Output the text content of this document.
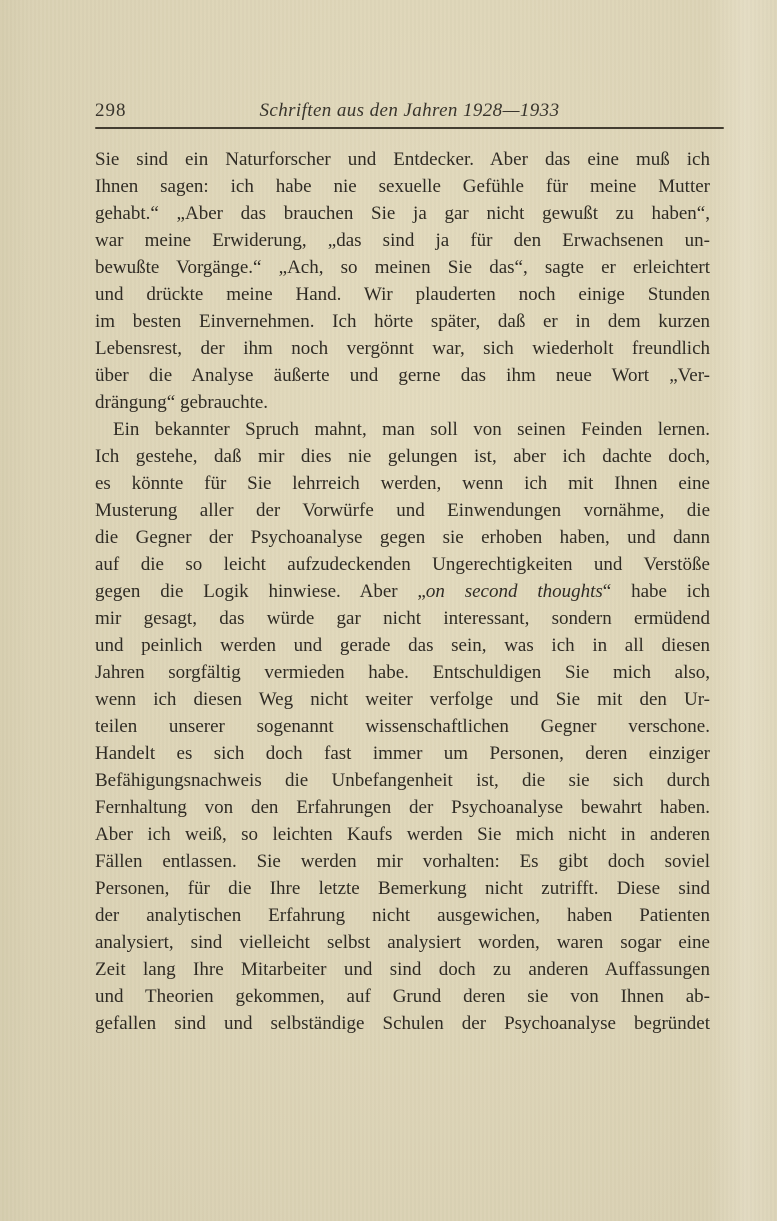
298	Schriften aus den Jahren 1928—1933
Sie sind ein Naturforscher und Entdecker. Aber das eine muß ich
Ihnen sagen: ich habe nie sexuelle Gefühle für meine Mutter
gehabt.“ „Aber das brauchen Sie ja gar nicht gewußt zu haben“,
war meine Erwiderung, „das sind ja für den Erwachsenen un-
bewußte Vorgänge.“ „Ach, so meinen Sie das“, sagte er erleichtert
und drückte meine Hand. Wir plauderten noch einige Stunden
im besten Einvernehmen. Ich hörte später, daß er in dem kurzen
Lebensrest, der ihm noch vergönnt war, sich wiederholt freundlich
über die Analyse äußerte und gerne das ihm neue Wort „Ver-
drängung“ gebrauchte.
Ein bekannter Spruch mahnt, man soll von seinen Feinden lernen.
Ich gestehe, daß mir dies nie gelungen ist, aber ich dachte doch,
es könnte für Sie lehrreich werden, wenn ich mit Ihnen eine
Musterung aller der Vorwürfe und Einwendungen vornähme, die
die Gegner der Psychoanalyse gegen sie erhoben haben, und dann
auf die so leicht aufzudeckenden Ungerechtigkeiten und Verstöße
gegen die Logik hinwiese. Aber „on second thoughts“ habe ich
mir gesagt, das würde gar nicht interessant, sondern ermüdend
und peinlich werden und gerade das sein, was ich in all diesen
Jahren sorgfältig vermieden habe. Entschuldigen Sie mich also,
wenn ich diesen Weg nicht weiter verfolge und Sie mit den Ur-
teilen unserer sogenannt wissenschaftlichen Gegner verschone.
Handelt es sich doch fast immer um Personen, deren einziger
Befähigungsnachweis die Unbefangenheit ist, die sie sich durch
Fernhaltung von den Erfahrungen der Psychoanalyse bewahrt haben.
Aber ich weiß, so leichten Kaufs werden Sie mich nicht in anderen
Fällen entlassen. Sie werden mir vorhalten: Es gibt doch soviel
Personen, für die Ihre letzte Bemerkung nicht zutrifft. Diese sind
der analytischen Erfahrung nicht ausgewichen, haben Patienten
analysiert, sind vielleicht selbst analysiert worden, waren sogar eine
Zeit lang Ihre Mitarbeiter und sind doch zu anderen Auffassungen
und Theorien gekommen, auf Grund deren sie von Ihnen ab-
gefallen sind und selbständige Schulen der Psychoanalyse begründet
